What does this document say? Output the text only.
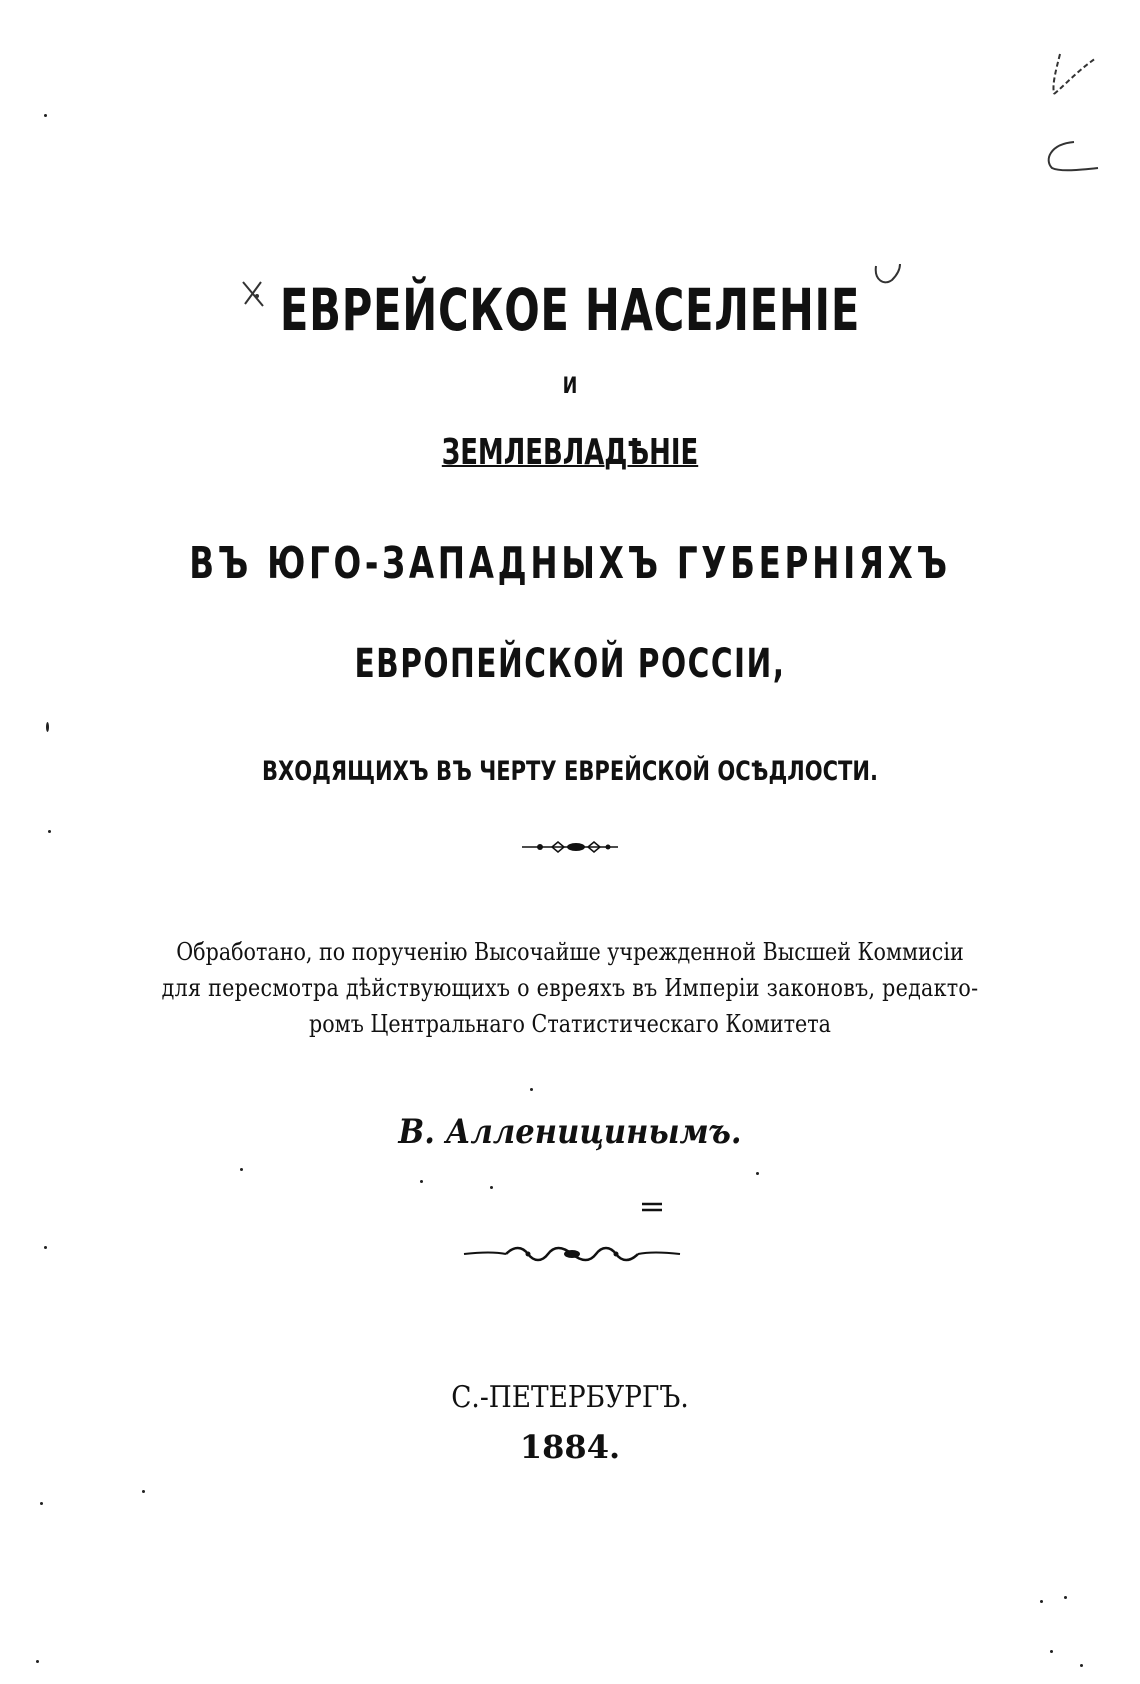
ЕВРЕЙСКОЕ НАСЕЛЕНІЕ
И
ЗЕМЛЕВЛАДѢНІЕ
ВЪ ЮГО-ЗАПАДНЫХЪ ГУБЕРНІЯХЪ
ЕВРОПЕЙСКОЙ РОССІИ,
ВХОДЯЩИХЪ ВЪ ЧЕРТУ ЕВРЕЙСКОЙ ОСѢДЛОСТИ.
Обработано, по порученію Высочайше учрежденной Высшей Коммисіи
для пересмотра дѣйствующихъ о евреяхъ въ Имперіи законовъ, редакто-
ромъ Центральнаго Статистическаго Комитета
В. Алленицинымъ.
С.-ПЕТЕРБУРГЪ.
1884.
